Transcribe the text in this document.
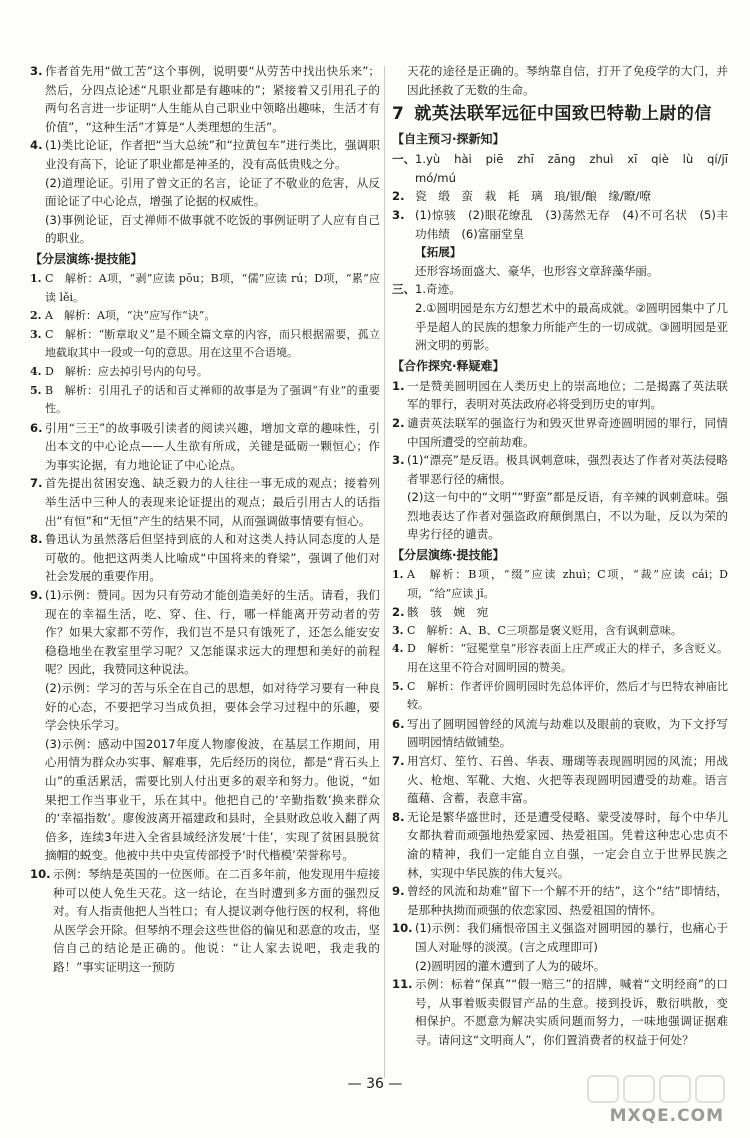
3. 作者首先用“做工苦”这个事例，说明要“从劳苦中找出快乐来”；然后，分四点论述“凡职业都是有趣味的”；紧接着又引用孔子的两句名言进一步证明“人生能从自己职业中领略出趣味，生活才有价值”，“这种生活”才算是“人类理想的生活”。

4. (1)类比论证，作者把“当大总统”和“拉黄包车”进行类比，强调职业没有高下，论证了职业都是神圣的，没有高低贵贱之分。

(2)道理论证。引用了曾文正的名言，论证了不敬业的危害，从反面论证了中心论点，增强了论据的权威性。

(3)事例论证，百丈禅师不做事就不吃饭的事例证明了人应有自己的职业。

【分层演练·提技能】

1. C　解析：A项，“剥”应读 pōu；B项，“儒”应读 rú；D项，“累”应读 lěi。

2. A　解析：A项，“决”应写作“诀”。

3. C　解析：“断章取义”是不顾全篇文章的内容，而只根据需要，孤立地截取其中一段或一句的意思。用在这里不合语境。

4. D　解析：应去掉引号内的句号。

5. B　解析：引用孔子的话和百丈禅师的故事是为了强调“有业”的重要性。

6. 引用“三王”的故事吸引读者的阅读兴趣，增加文章的趣味性，引出本文的中心论点——人生欲有所成，关键是砥砺一颗恒心；作为事实论据，有力地论证了中心论点。

7. 首先提出贫困安逸、缺乏毅力的人往往一事无成的观点；接着列举生活中三种人的表现来论证提出的观点；最后引用古人的话指出“有恒”和“无恒”产生的结果不同，从而强调做事情要有恒心。

8. 鲁迅认为虽然落后但坚持到底的人和对这类人持认同态度的人是可敬的。他把这两类人比喻成“中国将来的脊梁”，强调了他们对社会发展的重要作用。

9. (1)示例：赞同。因为只有劳动才能创造美好的生活。请看，我们现在的幸福生活，吃、穿、住、行，哪一样能离开劳动者的劳作？如果大家都不劳作，我们岂不是只有饿死了，还怎么能安安稳稳地坐在教室里学习呢？又怎能谋求远大的理想和美好的前程呢？因此，我赞同这种说法。

(2)示例：学习的苦与乐全在自己的思想，如对待学习要有一种良好的心态，不要把学习当成负担，要体会学习过程中的乐趣，要学会快乐学习。

(3)示例：感动中国2017年度人物廖俊波，在基层工作期间，用心用情为群众办实事、解难事，先后经历的岗位，都是“背石头上山”的重活累活，需要比别人付出更多的艰辛和努力。他说，“如果把工作当事业干，乐在其中。他把自己的‘辛勤指数’换来群众的‘幸福指数’。廖俊波离开福建政和县时，全县财政总收入翻了两倍多，连续3年进入全省县域经济发展‘十佳’，实现了贫困县脱贫摘帽的蜕变。他被中共中央宣传部授予‘时代楷模’荣誉称号。

10. 示例：琴纳是英国的一位医师。在二百多年前，他发现用牛痘接种可以使人免生天花。这一结论，在当时遭到多方面的强烈反对。有人指责他把人当牲口；有人提议剥夺他行医的权利，将他从医学会开除。但琴纳不理会这些世俗的偏见和恶意的攻击，坚信自己的结论是正确的。他说：“让人家去说吧，我走我的路！”事实证明这一预防

天花的途径是正确的。琴纳靠自信，打开了免疫学的大门，并因此拯救了无数的生命。

7 就英法联军远征中国致巴特勒上尉的信
【自主预习·探新知】

一、 1.yù　hài　piē　zhī　zāng　zhuì　xī　qiè　lù　qí/jī　mó/mú

2. 瓷　缎　蛮　栽　耗　璃　琅/银/酿　缘/瞭/嘹

3. (1)惊骇　(2)眼花缭乱　(3)荡然无存　(4)不可名状　(5)丰功伟绩　(6)富丽堂皇

【拓展】

还形容场面盛大、豪华，也形容文章辞藻华丽。

三、 1.奇迹。

2.①圆明园是东方幻想艺术中的最高成就。②圆明园集中了几乎是超人的民族的想象力所能产生的一切成就。③圆明园是亚洲文明的剪影。

【合作探究·释疑难】

1. 一是赞美圆明园在人类历史上的崇高地位；二是揭露了英法联军的罪行，表明对英法政府必将受到历史的审判。

2. 谴责英法联军的强盗行为和毁灭世界奇迹圆明园的罪行，同情中国所遭受的空前劫难。

3. (1)“漂亮”是反语。极具讽刺意味，强烈表达了作者对英法侵略者罪恶行径的痛恨。

(2)这一句中的“文明”“野蛮”都是反语，有辛辣的讽刺意味。强烈地表达了作者对强盗政府颠倒黑白，不以为耻，反以为荣的卑劣行径的谴责。

【分层演练·提技能】

1. A　解析：B项，“缀”应读 zhuì；C项，“裁”应读 cái；D项，“给”应读 jǐ。

2. 骸　骇　婉　宛

3. C　解析：A、B、C三项都是褒义贬用，含有讽刺意味。

4. D　解析：“冠冕堂皇”形容表面上庄严或正大的样子，多含贬义。用在这里不符合对圆明园的赞美。

5. C　解析：作者评价圆明园时先总体评价，然后才与巴特农神庙比较。

6. 写出了圆明园曾经的风流与劫难以及眼前的衰败，为下文抒写圆明园情结做铺垫。

7. 用宫灯、笙竹、石兽、华表、珊瑚等表现圆明园的风流；用战火、枪炮、军靴、大炮、火把等表现圆明园遭受的劫难。语言蕴藉、含蓄，表意丰富。

8. 无论是繁华盛世时，还是遭受侵略、蒙受凌辱时，每个中华儿女都执着而顽强地热爱家园、热爱祖国。凭着这种忠心忠贞不渝的精神，我们一定能自立自强，一定会自立于世界民族之林，实现中华民族的伟大复兴。

9. 曾经的风流和劫难“留下一个解不开的结”，这个“结”即情结，是那种执拗而顽强的依恋家园、热爱祖国的情怀。

10. (1)示例：我们痛恨帝国主义强盗对圆明园的暴行，也痛心于国人对耻辱的淡漠。(言之成理即可)

(2)圆明园的灌木遭到了人为的破坏。

11. 示例：标着“保真”“假一赔三”的招牌，喊着“文明经商”的口号，从事着贩卖假冒产品的生意。接到投诉，敷衍哄散，变相保护。不愿意为解决实质问题而努力，一味地强调证据难寻。请问这“文明商人”，你们置消费者的权益于何处？

— 36 —
MXQE.COM
